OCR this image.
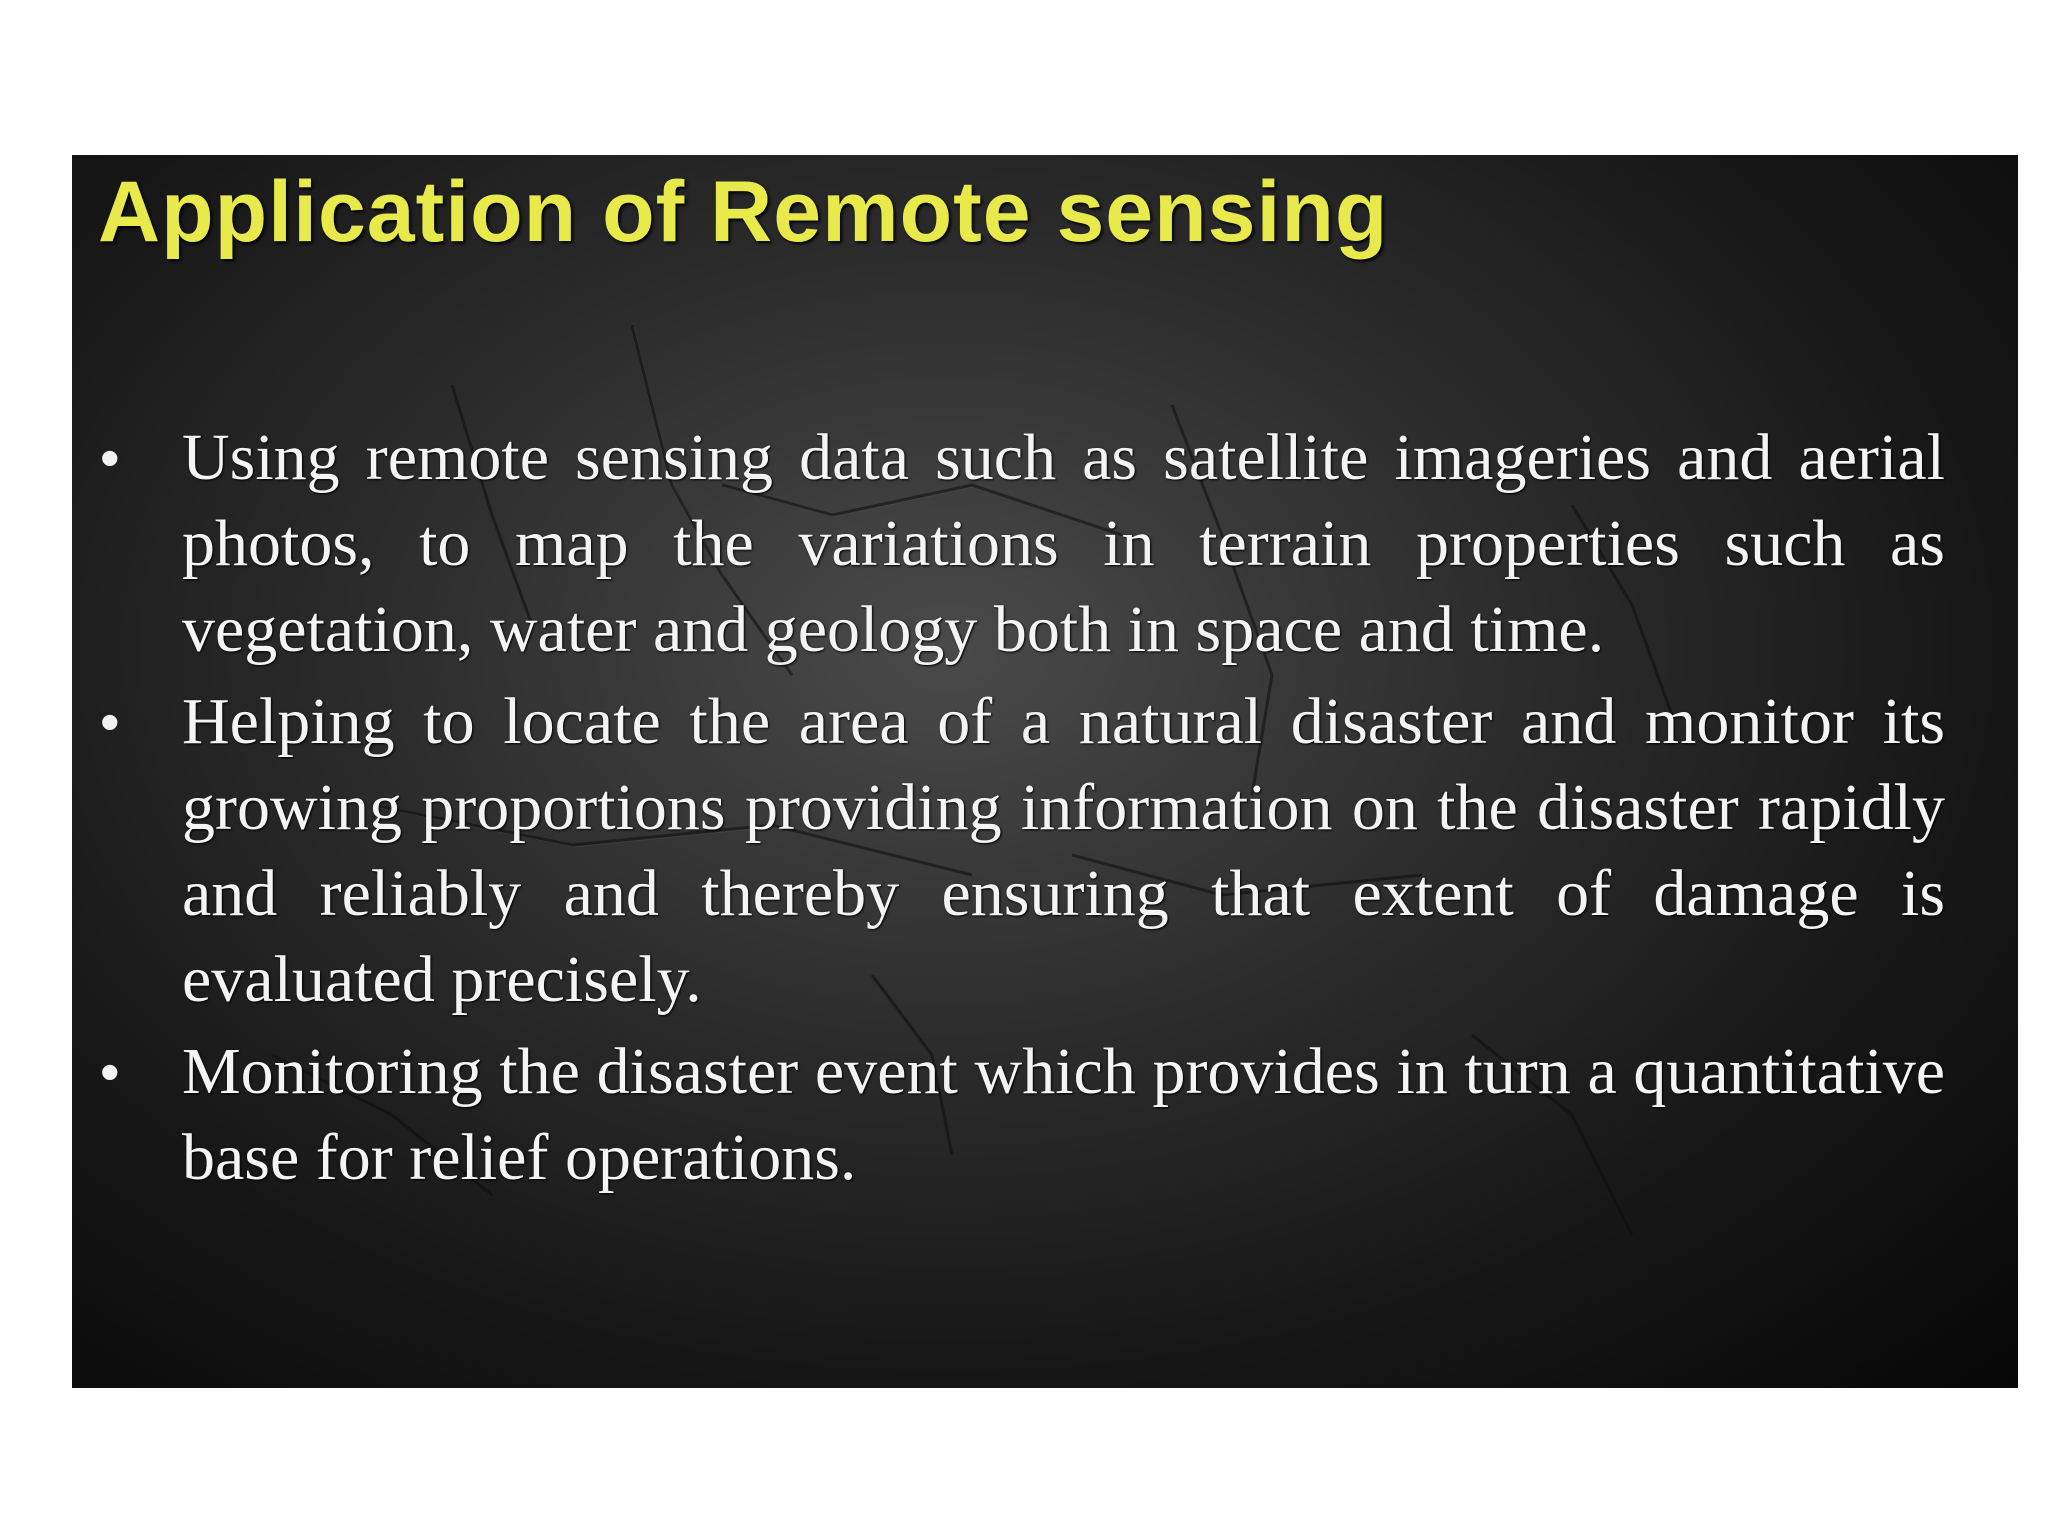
Application of Remote sensing
• Using remote sensing data such as satellite imageries and aerial photos, to map the variations in terrain properties such as vegetation, water and geology both in space and time.
• Helping to locate the area of a natural disaster and monitor its growing proportions providing information on the disaster rapidly and reliably and thereby ensuring that extent of damage is evaluated precisely.
• Monitoring the disaster event which provides in turn a quantitative base for relief operations.
